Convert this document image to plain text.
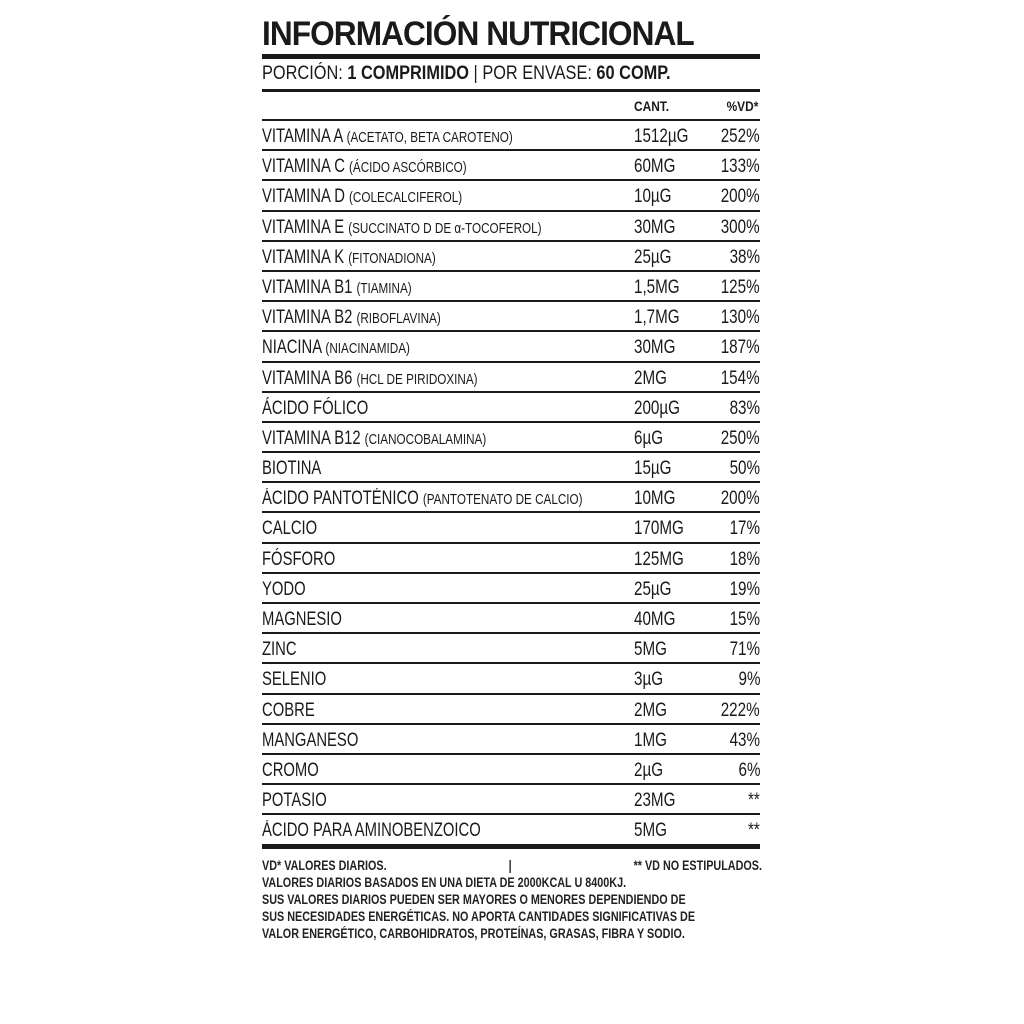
INFORMACIÓN NUTRICIONAL
PORCIÓN: 1 COMPRIMIDO | POR ENVASE: 60 COMP.
CANT.	%VD*
VITAMINA A (ACETATO, BETA CAROTENO)	1512µG 252%
VITAMINA C (ÁCIDO ASCÓRBICO)	60MG 133%
VITAMINA D (COLECALCIFEROL)	10µG	200%
VITAMINA E (SUCCINATO D DE α-TOCOFEROL)	30MG 300%
VITAMINA K (FITONADIONA)	25µG	38%
VITAMINA B1 (TIAMINA)	1,5MG 125%
VITAMINA B2 (RIBOFLAVINA)	1,7MG 130%
NIACINA (NIACINAMIDA)	30MG 187%
VITAMINA B6 (HCL DE PIRIDOXINA)	2MG	154%
ÁCIDO FÓLICO	200µG	83%
VITAMINA B12 (CIANOCOBALAMINA)	6µG	250%
BIOTINA	15µG	50%
ÁCIDO PANTOTÉNICO (PANTOTENATO DE CALCIO)	10MG 200%
CALCIO	170MG 17%
FÓSFORO	125MG 18%
YODO	25µG	19%
MAGNESIO	40MG	15%
ZINC	5MG	71%
SELENIO	3µG	9%
COBRE	2MG	222%
MANGANESO	1MG	43%
CROMO	2µG	6%
POTASIO	23MG	**
ÁCIDO PARA AMINOBENZOICO	5MG	**
VD* VALORES DIARIOS.	|	** VD NO ESTIPULADOS.
VALORES DIARIOS BASADOS EN UNA DIETA DE 2000KCAL U 8400KJ.
SUS VALORES DIARIOS PUEDEN SER MAYORES O MENORES DEPENDIENDO DE
SUS NECESIDADES ENERGÉTICAS. NO APORTA CANTIDADES SIGNIFICATIVAS DE
VALOR ENERGÉTICO, CARBOHIDRATOS, PROTEÍNAS, GRASAS, FIBRA Y SODIO.
